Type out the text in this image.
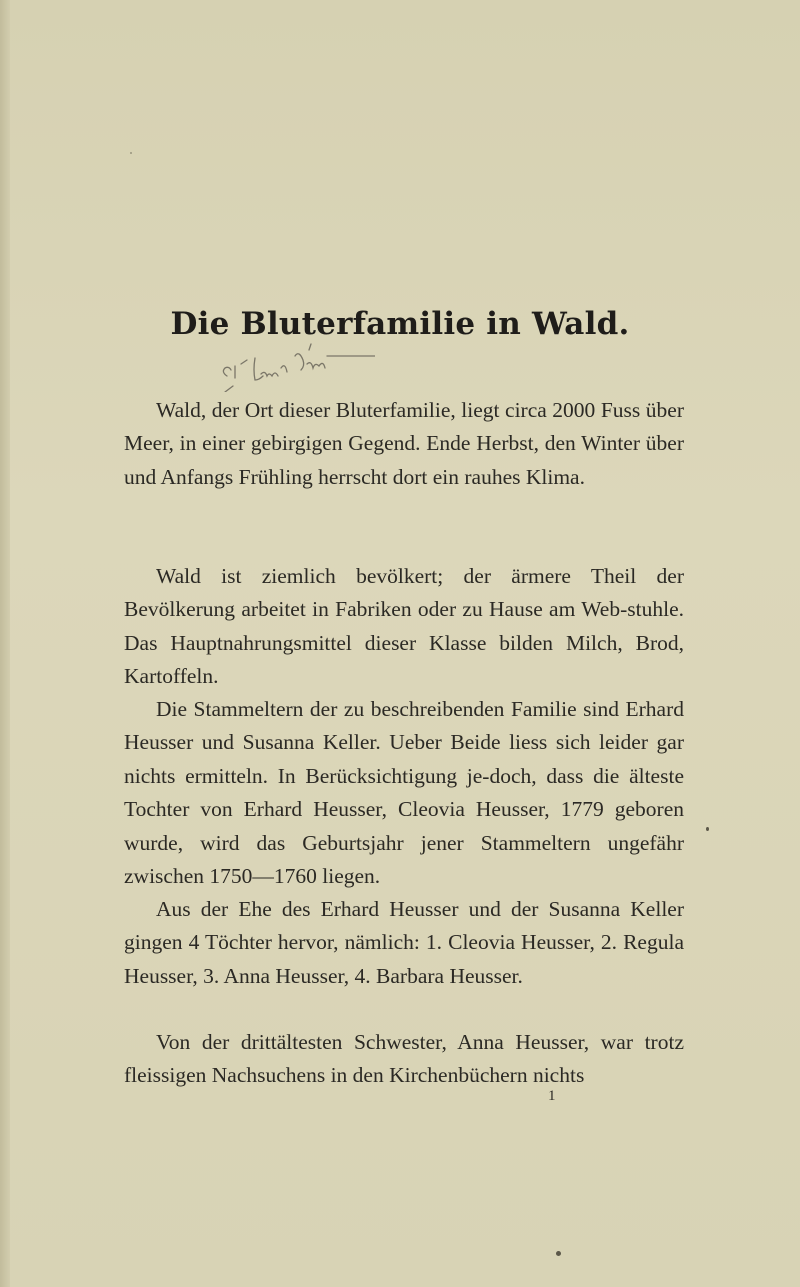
Die Bluterfamilie in Wald.

Wald, der Ort dieser Bluterfamilie, liegt circa 2000 Fuss über Meer, in einer gebirgigen Gegend. Ende Herbst, den Winter über und Anfangs Frühling herrscht dort ein rauhes Klima.

Wald ist ziemlich bevölkert; der ärmere Theil der Bevölkerung arbeitet in Fabriken oder zu Hause am Web-stuhle. Das Hauptnahrungsmittel dieser Klasse bilden Milch, Brod, Kartoffeln.

Die Stammeltern der zu beschreibenden Familie sind Erhard Heusser und Susanna Keller. Ueber Beide liess sich leider gar nichts ermitteln. In Berücksichtigung je-doch, dass die älteste Tochter von Erhard Heusser, Cleovia Heusser, 1779 geboren wurde, wird das Geburtsjahr jener Stammeltern ungefähr zwischen 1750—1760 liegen.

Aus der Ehe des Erhard Heusser und der Susanna Keller gingen 4 Töchter hervor, nämlich: 1. Cleovia Heusser, 2. Regula Heusser, 3. Anna Heusser, 4. Barbara Heusser.

Von der drittältesten Schwester, Anna Heusser, war trotz fleissigen Nachsuchens in den Kirchenbüchern nichts

1
